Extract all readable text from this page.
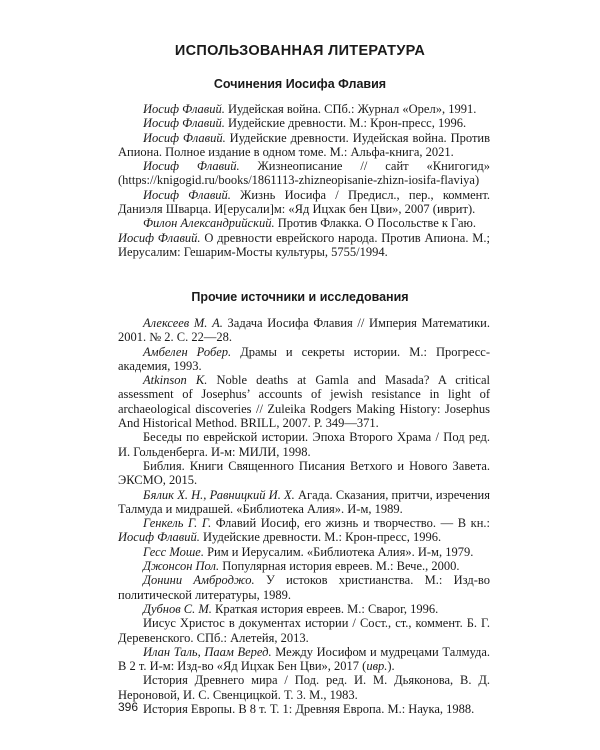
ИСПОЛЬЗОВАННАЯ ЛИТЕРАТУРА
Сочинения Иосифа Флавия

Иосиф Флавий. Иудейская война. СПб.: Журнал «Орел», 1991.

Иосиф Флавий. Иудейские древности. М.: Крон-пресс, 1996.

Иосиф Флавий. Иудейские древности. Иудейская война. Против Апиона. Полное издание в одном томе. М.: Альфа-книга, 2021.

Иосиф Флавий. Жизнеописание // сайт «Книгогид» (https://knigogid.ru/books/1861113-zhizneopisanie-zhizn-iosifa-flaviya)

Иосиф Флавий. Жизнь Иосифа / Предисл., пер., коммент. Даниэля Шварца. И[ерусали]м: «Яд Ицхак бен Цви», 2007 (иврит).

Филон Александрийский. Против Флакка. О Посольстве к Гаю.

Иосиф Флавий. О древности еврейского народа. Против Апиона. М.; Иерусалим: Гешарим-Мосты культуры, 5755/1994.

Прочие источники и исследования

Алексеев М. А. Задача Иосифа Флавия // Империя Математики. 2001. № 2. С. 22—28.

Амбелен Робер. Драмы и секреты истории. М.: Прогресс-академия, 1993.

Atkinson K. Noble deaths at Gamla and Masada? A critical assessment of Josephus’ accounts of jewish resistance in light of archaeological discoveries // Zuleika Rodgers Making History: Josephus And Historical Method. BRILL, 2007. P. 349—371.

Беседы по еврейской истории. Эпоха Второго Храма / Под ред. И. Гольденберга. И-м: МИЛИ, 1998.

Библия. Книги Священного Писания Ветхого и Нового Завета. ЭКСМО, 2015.

Бялик Х. Н., Равницкий И. Х. Агада. Сказания, притчи, изречения Талмуда и мидрашей. «Библиотека Алия». И-м, 1989.

Генкель Г. Г. Флавий Иосиф, его жизнь и творчество. — В кн.: Иосиф Флавий. Иудейские древности. М.: Крон-пресс, 1996.

Гесс Моше. Рим и Иерусалим. «Библиотека Алия». И-м, 1979.

Джонсон Пол. Популярная история евреев. М.: Вече., 2000.

Донини Амброджо. У истоков христианства. М.: Изд-во политической литературы, 1989.

Дубнов С. М. Краткая история евреев. М.: Сварог, 1996.

Иисус Христос в документах истории / Сост., ст., коммент. Б. Г. Деревенского. СПб.: Алетейя, 2013.

Илан Таль, Паам Веред. Между Иосифом и мудрецами Талмуда. В 2 т. И-м: Изд-во «Яд Ицхак Бен Цви», 2017 (ивр.).

История Древнего мира / Под. ред. И. М. Дьяконова, В. Д. Нероновой, И. С. Свенцицкой. Т. 3. М., 1983.

История Европы. В 8 т. Т. 1: Древняя Европа. М.: Наука, 1988.

396
